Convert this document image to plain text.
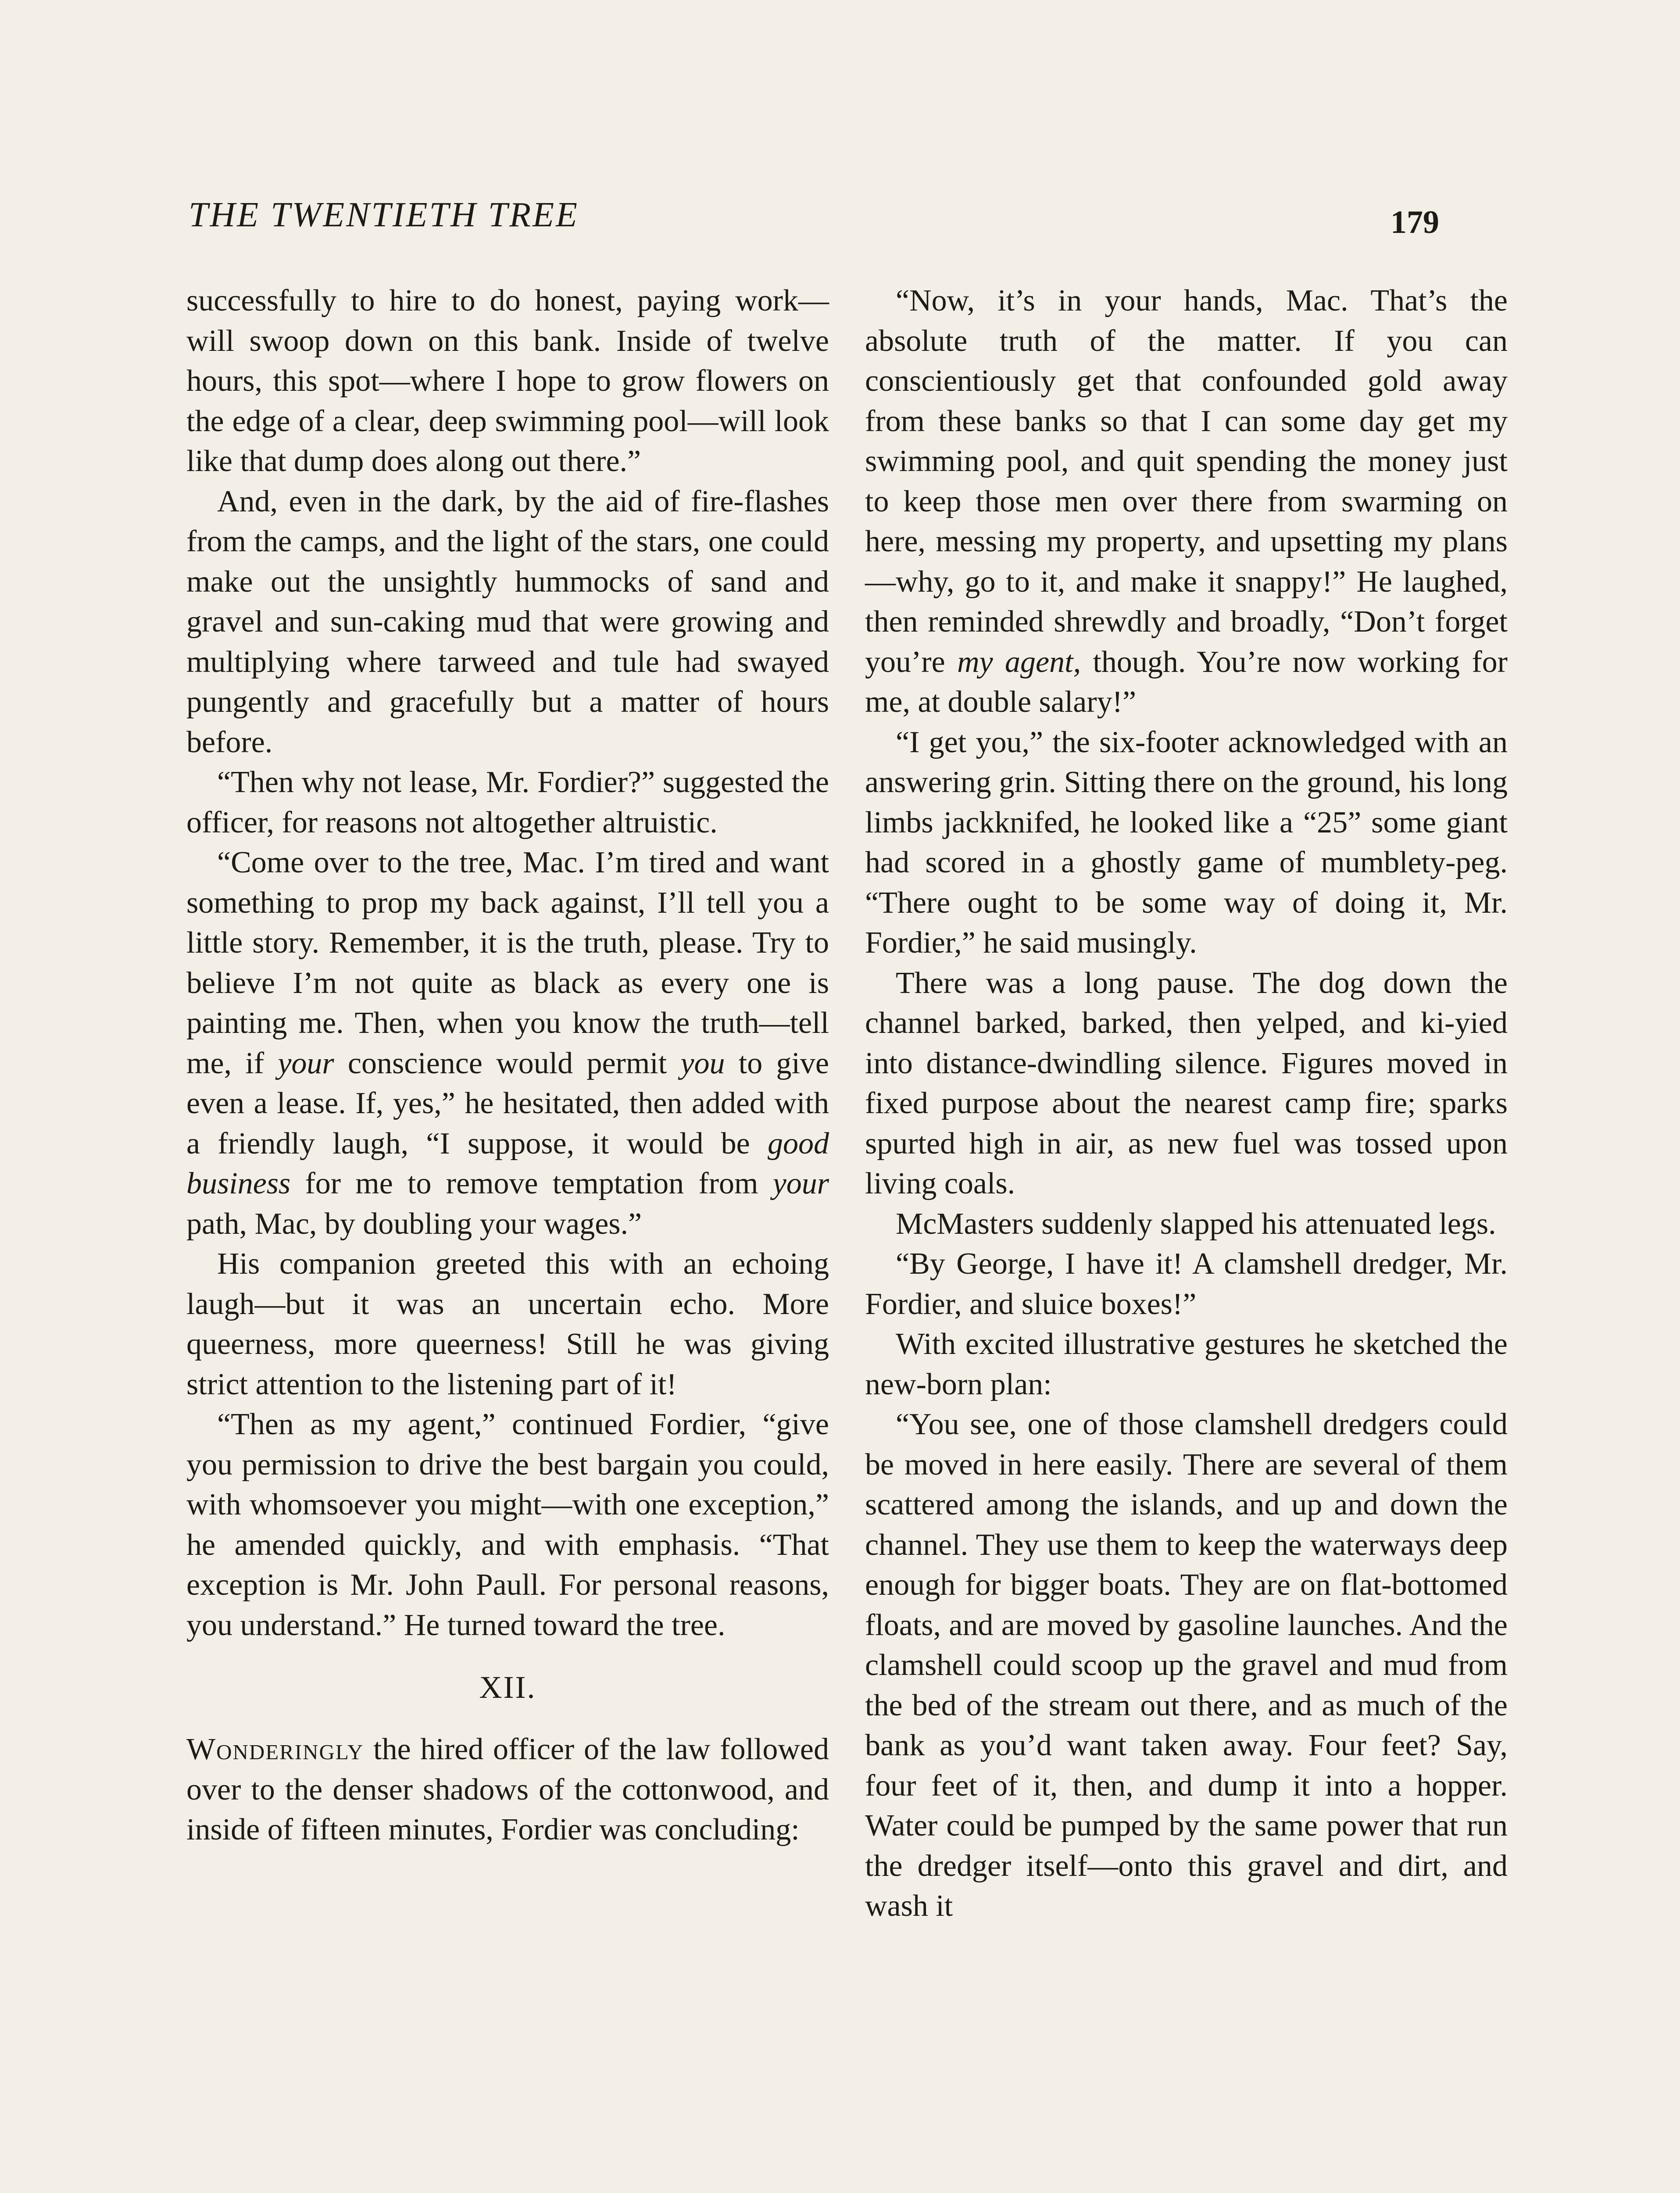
THE TWENTIETH TREE	179

successfully to hire to do honest, paying work—will swoop down on this bank. Inside of twelve hours, this spot—where I hope to grow flowers on the edge of a clear, deep swimming pool—will look like that dump does along out there.”

And, even in the dark, by the aid of fire-flashes from the camps, and the light of the stars, one could make out the unsightly hummocks of sand and gravel and sun-caking mud that were growing and multiplying where tarweed and tule had swayed pungently and gracefully but a matter of hours before.

“Then why not lease, Mr. Fordier?” suggested the officer, for reasons not altogether altruistic.

“Come over to the tree, Mac. I’m tired and want something to prop my back against, I’ll tell you a little story. Remember, it is the truth, please. Try to believe I’m not quite as black as every one is painting me. Then, when you know the truth—tell me, if your conscience would permit you to give even a lease. If, yes,” he hesitated, then added with a friendly laugh, “I suppose, it would be good business for me to remove temptation from your path, Mac, by doubling your wages.”

His companion greeted this with an echoing laugh—but it was an uncertain echo. More queerness, more queerness! Still he was giving strict attention to the listening part of it!

“Then as my agent,” continued Fordier, “give you permission to drive the best bargain you could, with whomsoever you might—with one exception,” he amended quickly, and with emphasis. “That exception is Mr. John Paull. For personal reasons, you understand.” He turned toward the tree.

XII.

Wonderingly the hired officer of the law followed over to the denser shadows of the cottonwood, and inside of fifteen minutes, Fordier was concluding:

“Now, it’s in your hands, Mac. That’s the absolute truth of the matter. If you can conscientiously get that confounded gold away from these banks so that I can some day get my swimming pool, and quit spending the money just to keep those men over there from swarming on here, messing my property, and upsetting my plans—why, go to it, and make it snappy!” He laughed, then reminded shrewdly and broadly, “Don’t forget you’re my agent, though. You’re now working for me, at double salary!”

“I get you,” the six-footer acknowledged with an answering grin. Sitting there on the ground, his long limbs jackknifed, he looked like a “25” some giant had scored in a ghostly game of mumblety-peg. “There ought to be some way of doing it, Mr. Fordier,” he said musingly.

There was a long pause. The dog down the channel barked, barked, then yelped, and ki-yied into distance-dwindling silence. Figures moved in fixed purpose about the nearest camp fire; sparks spurted high in air, as new fuel was tossed upon living coals.

McMasters suddenly slapped his attenuated legs.

“By George, I have it! A clamshell dredger, Mr. Fordier, and sluice boxes!”

With excited illustrative gestures he sketched the new-born plan:

“You see, one of those clamshell dredgers could be moved in here easily. There are several of them scattered among the islands, and up and down the channel. They use them to keep the waterways deep enough for bigger boats. They are on flat-bottomed floats, and are moved by gasoline launches. And the clamshell could scoop up the gravel and mud from the bed of the stream out there, and as much of the bank as you’d want taken away. Four feet? Say, four feet of it, then, and dump it into a hopper. Water could be pumped by the same power that run the dredger itself—onto this gravel and dirt, and wash it
